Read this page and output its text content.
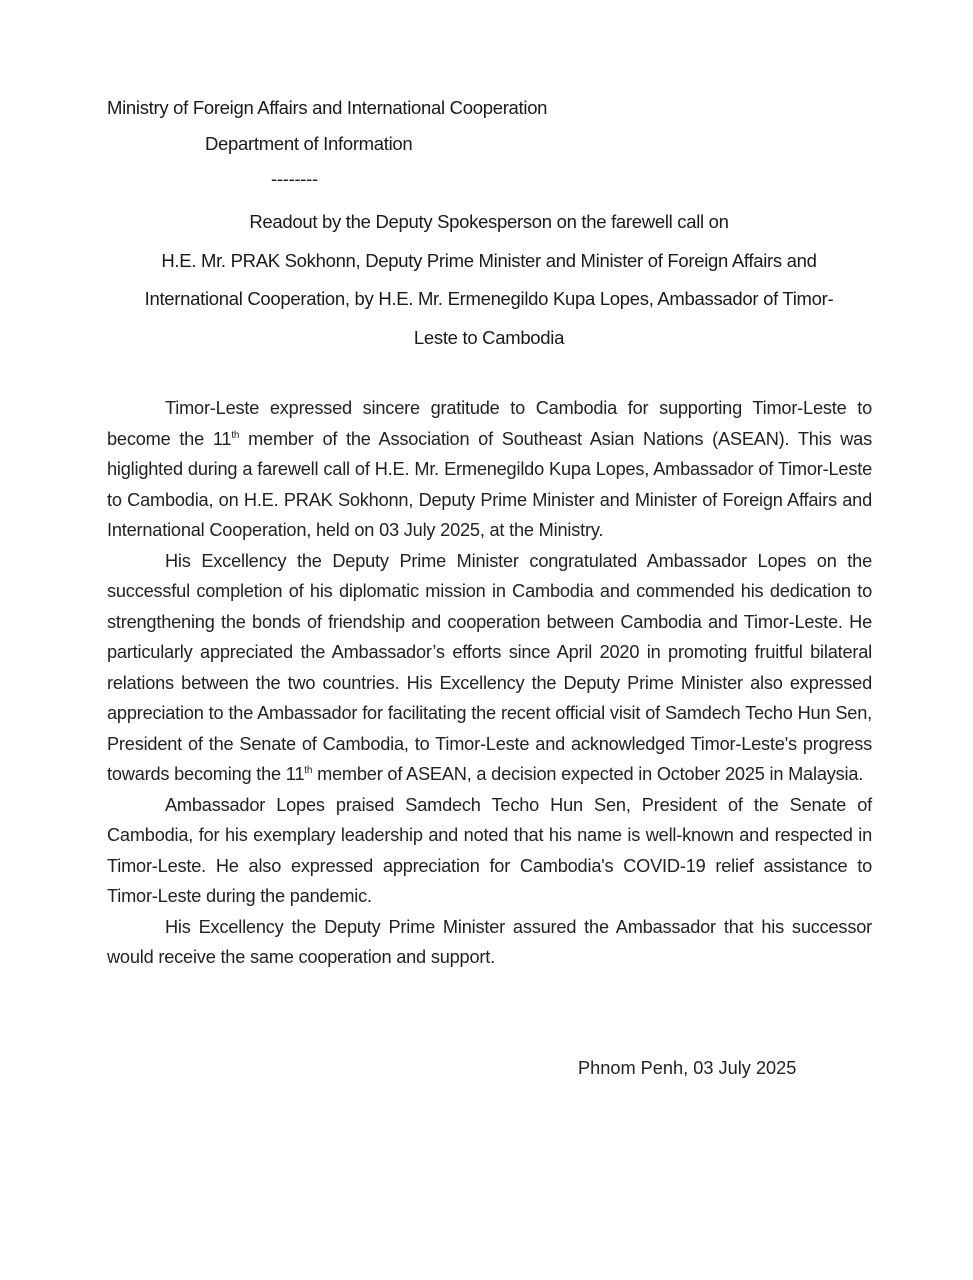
Ministry of Foreign Affairs and International Cooperation
Department of Information
--------
Readout by the Deputy Spokesperson on the farewell call on
H.E. Mr. PRAK Sokhonn, Deputy Prime Minister and Minister of Foreign Affairs and
International Cooperation, by H.E. Mr. Ermenegildo Kupa Lopes, Ambassador of Timor-
Leste to Cambodia

Timor-Leste expressed sincere gratitude to Cambodia for supporting Timor-Leste to become the 11th member of the Association of Southeast Asian Nations (ASEAN). This was higlighted during a farewell call of H.E. Mr. Ermenegildo Kupa Lopes, Ambassador of Timor-Leste to Cambodia, on H.E. PRAK Sokhonn, Deputy Prime Minister and Minister of Foreign Affairs and International Cooperation, held on 03 July 2025, at the Ministry.

His Excellency the Deputy Prime Minister congratulated Ambassador Lopes on the successful completion of his diplomatic mission in Cambodia and commended his dedication to strengthening the bonds of friendship and cooperation between Cambodia and Timor-Leste. He particularly appreciated the Ambassador’s efforts since April 2020 in promoting fruitful bilateral relations between the two countries. His Excellency the Deputy Prime Minister also expressed appreciation to the Ambassador for facilitating the recent official visit of Samdech Techo Hun Sen, President of the Senate of Cambodia, to Timor-Leste and acknowledged Timor-Leste's progress towards becoming the 11th member of ASEAN, a decision expected in October 2025 in Malaysia.

Ambassador Lopes praised Samdech Techo Hun Sen, President of the Senate of Cambodia, for his exemplary leadership and noted that his name is well-known and respected in Timor-Leste. He also expressed appreciation for Cambodia's COVID-19 relief assistance to Timor-Leste during the pandemic.

His Excellency the Deputy Prime Minister assured the Ambassador that his successor would receive the same cooperation and support.

Phnom Penh, 03 July 2025
